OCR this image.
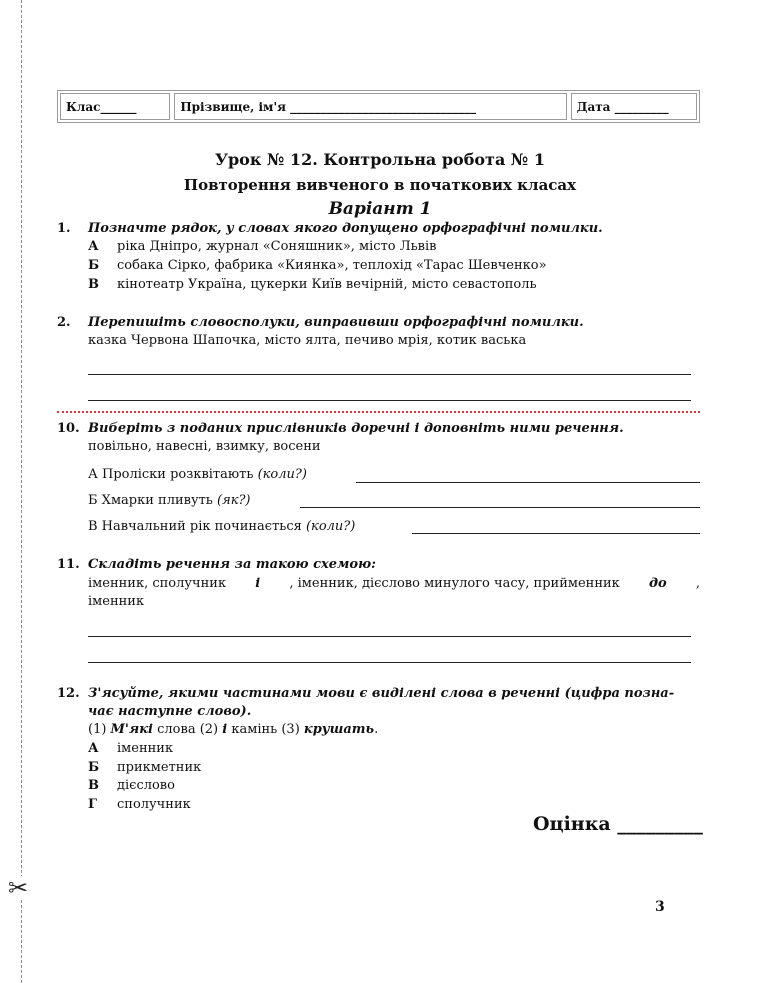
✂
Клас______	Прізвище, ім'я _______________________________	Дата _________
Урок № 12. Контрольна робота № 1
Повторення вивченого в початкових класах
Варіант 1
1. Позначте рядок, у словах якого допущено орфографічні помилки.
А ріка Дніпро, журнал «Соняшник», місто Львів
Б собака Сірко, фабрика «Киянка», теплохід «Тарас Шевченко»
В кінотеатр Україна, цукерки Київ вечірній, місто севастополь
2. Перепишіть словосполуки, виправивши орфографічні помилки.
казка Червона Шапочка, місто ялта, печиво мрія, котик васька
10. Виберіть з поданих прислівників доречні і доповніть ними речення.
повільно, навесні, взимку, восени
А Проліски розквітають (коли?)
Б Хмарки пливуть (як?)
В Навчальний рік починається (коли?)
11. Складіть речення за такою схемою:
іменник, сполучник і , іменник, дієслово минулого часу, прийменник до ,
іменник
12. З'ясуйте, якими частинами мови є виділені слова в реченні (цифра позна-
чає наступне слово).
(1) М'які слова (2) і камінь (3) крушать.
А іменник
Б прикметник
В дієслово
Г сполучник
Оцінка _________
3
